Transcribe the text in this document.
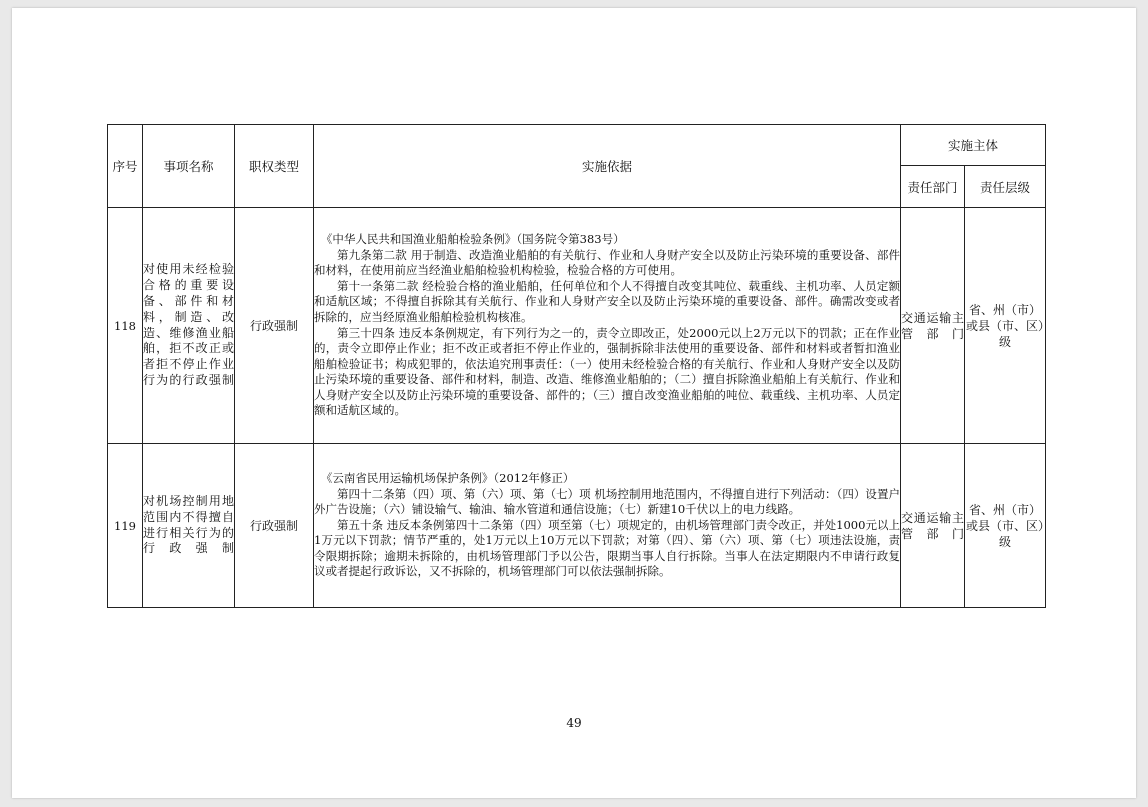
序号	事项名称	职权类型	实施依据	实施主体	
				责任部门	责任层级
118	对使用未经检验合格的重要设备、部件和材料，制造、改造、维修渔业船舶，拒不改正或者拒不停止作业行为的行政强制	行政强制	《中华人民共和国渔业船舶检验条例》（国务院令第383号）

第九条第二款 用于制造、改造渔业船舶的有关航行、作业和人身财产安全以及防止污染环境的重要设备、部件和材料，在使用前应当经渔业船舶检验机构检验，检验合格的方可使用。

第十一条第二款 经检验合格的渔业船舶，任何单位和个人不得擅自改变其吨位、载重线、主机功率、人员定额和适航区域；不得擅自拆除其有关航行、作业和人身财产安全以及防止污染环境的重要设备、部件。确需改变或者拆除的，应当经原渔业船舶检验机构核准。

第三十四条 违反本条例规定，有下列行为之一的，责令立即改正，处2000元以上2万元以下的罚款；正在作业的，责令立即停止作业；拒不改正或者拒不停止作业的，强制拆除非法使用的重要设备、部件和材料或者暂扣渔业船舶检验证书；构成犯罪的，依法追究刑事责任：（一）使用未经检验合格的有关航行、作业和人身财产安全以及防止污染环境的重要设备、部件和材料，制造、改造、维修渔业船舶的；（二）擅自拆除渔业船舶上有关航行、作业和人身财产安全以及防止污染环境的重要设备、部件的；（三）擅自改变渔业船舶的吨位、载重线、主机功率、人员定额和适航区域的。	交通运输主管部门	省、州（市）或县（市、区）级
119	对机场控制用地范围内不得擅自进行相关行为的行政强制	行政强制	《云南省民用运输机场保护条例》（2012年修正）

第四十二条第（四）项、第（六）项、第（七）项 机场控制用地范围内，不得擅自进行下列活动：（四）设置户外广告设施；（六）铺设输气、输油、输水管道和通信设施；（七）新建10千伏以上的电力线路。

第五十条 违反本条例第四十二条第（四）项至第（七）项规定的，由机场管理部门责令改正，并处1000元以上1万元以下罚款；情节严重的，处1万元以上10万元以下罚款；对第（四）、第（六）项、第（七）项违法设施，责令限期拆除；逾期未拆除的，由机场管理部门予以公告，限期当事人自行拆除。当事人在法定期限内不申请行政复议或者提起行政诉讼，又不拆除的，机场管理部门可以依法强制拆除。	交通运输主管部门	省、州（市）或县（市、区）级
49
